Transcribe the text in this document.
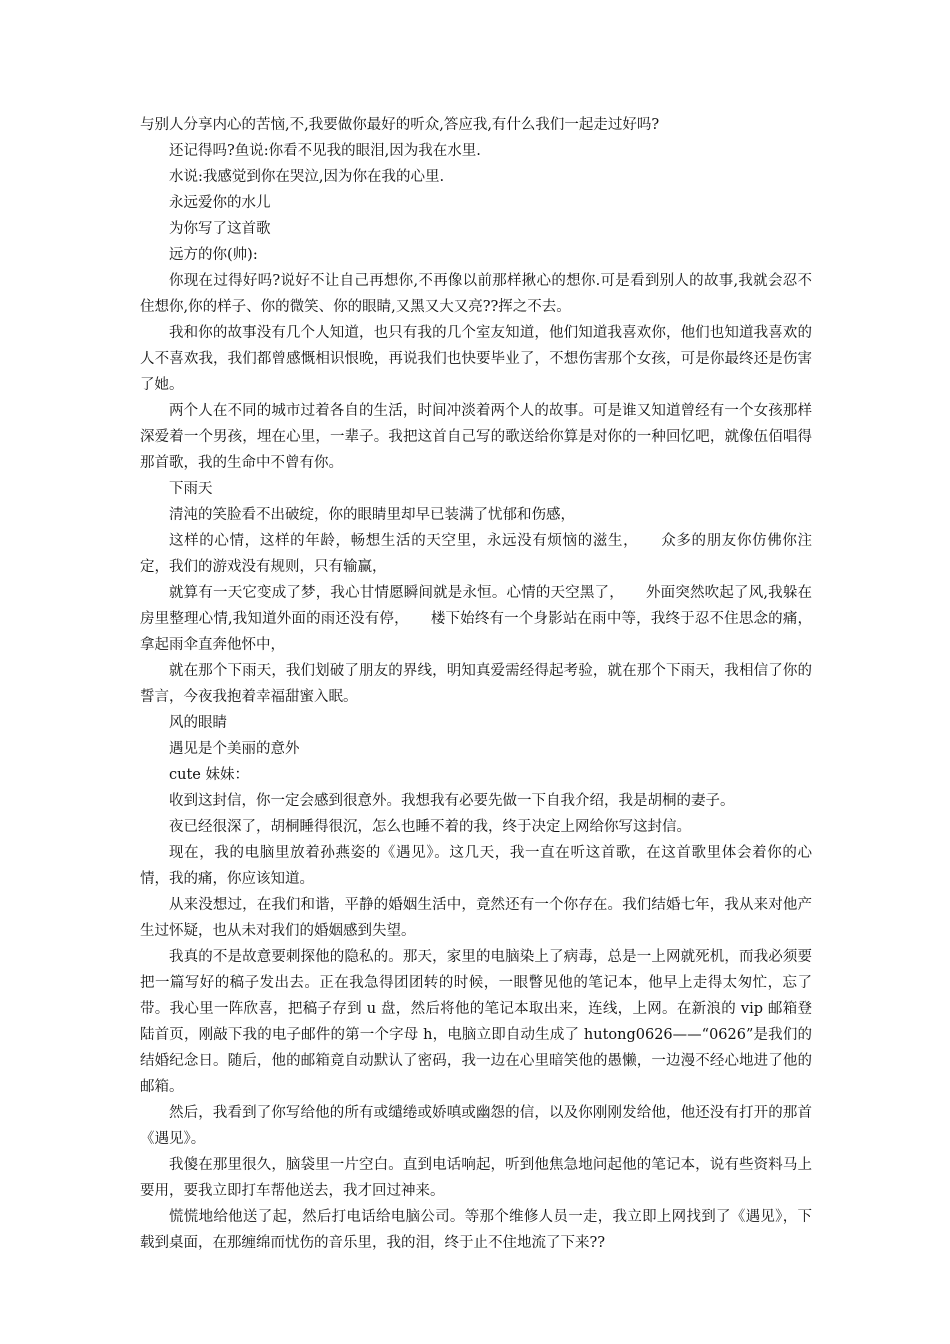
与别人分享内心的苦恼,不,我要做你最好的听众,答应我,有什么我们一起走过好吗?

还记得吗?鱼说:你看不见我的眼泪,因为我在水里.

水说:我感觉到你在哭泣,因为你在我的心里.

永远爱你的水儿

为你写了这首歌

远方的你(帅):

你现在过得好吗?说好不让自己再想你,不再像以前那样揪心的想你.可是看到别人的故事,我就会忍不住想你,你的样子、你的微笑、你的眼睛,又黑又大又亮??挥之不去。

我和你的故事没有几个人知道，也只有我的几个室友知道，他们知道我喜欢你，他们也知道我喜欢的人不喜欢我，我们都曾感慨相识恨晚，再说我们也快要毕业了，不想伤害那个女孩，可是你最终还是伤害了她。

两个人在不同的城市过着各自的生活，时间冲淡着两个人的故事。可是谁又知道曾经有一个女孩那样深爱着一个男孩，埋在心里，一辈子。我把这首自己写的歌送给你算是对你的一种回忆吧，就像伍佰唱得那首歌，我的生命中不曾有你。

下雨天

清沌的笑脸看不出破绽，你的眼睛里却早已装满了忧郁和伤感，

这样的心情，这样的年龄，畅想生活的天空里，永远没有烦恼的滋生，　　众多的朋友你仿佛你注定，我们的游戏没有规则，只有输赢，

就算有一天它变成了梦，我心甘情愿瞬间就是永恒。心情的天空黑了，　　外面突然吹起了风,我躲在房里整理心情,我知道外面的雨还没有停，　　楼下始终有一个身影站在雨中等，我终于忍不住思念的痛，拿起雨伞直奔他怀中，

就在那个下雨天，我们划破了朋友的界线，明知真爱需经得起考验，就在那个下雨天，我相信了你的誓言，今夜我抱着幸福甜蜜入眠。

风的眼睛

遇见是个美丽的意外

cute 妹妹：

收到这封信，你一定会感到很意外。我想我有必要先做一下自我介绍，我是胡桐的妻子。

夜已经很深了，胡桐睡得很沉，怎么也睡不着的我，终于决定上网给你写这封信。

现在，我的电脑里放着孙燕姿的《遇见》。这几天，我一直在听这首歌，在这首歌里体会着你的心情，我的痛，你应该知道。

从来没想过，在我们和谐，平静的婚姻生活中，竟然还有一个你存在。我们结婚七年，我从来对他产生过怀疑，也从未对我们的婚姻感到失望。

我真的不是故意要刺探他的隐私的。那天，家里的电脑染上了病毒，总是一上网就死机，而我必须要把一篇写好的稿子发出去。正在我急得团团转的时候，一眼瞥见他的笔记本，他早上走得太匆忙，忘了带。我心里一阵欣喜，把稿子存到 u 盘，然后将他的笔记本取出来，连线，上网。在新浪的 vip 邮箱登陆首页，刚敲下我的电子邮件的第一个字母 h，电脑立即自动生成了 hutong0626——“0626”是我们的结婚纪念日。随后，他的邮箱竟自动默认了密码，我一边在心里暗笑他的愚懒，一边漫不经心地进了他的邮箱。

然后，我看到了你写给他的所有或缱绻或娇嗔或幽怨的信，以及你刚刚发给他，他还没有打开的那首《遇见》。

我傻在那里很久，脑袋里一片空白。直到电话响起，听到他焦急地问起他的笔记本，说有些资料马上要用，要我立即打车帮他送去，我才回过神来。

慌慌地给他送了起，然后打电话给电脑公司。等那个维修人员一走，我立即上网找到了《遇见》，下载到桌面，在那缠绵而忧伤的音乐里，我的泪，终于止不住地流了下来??
